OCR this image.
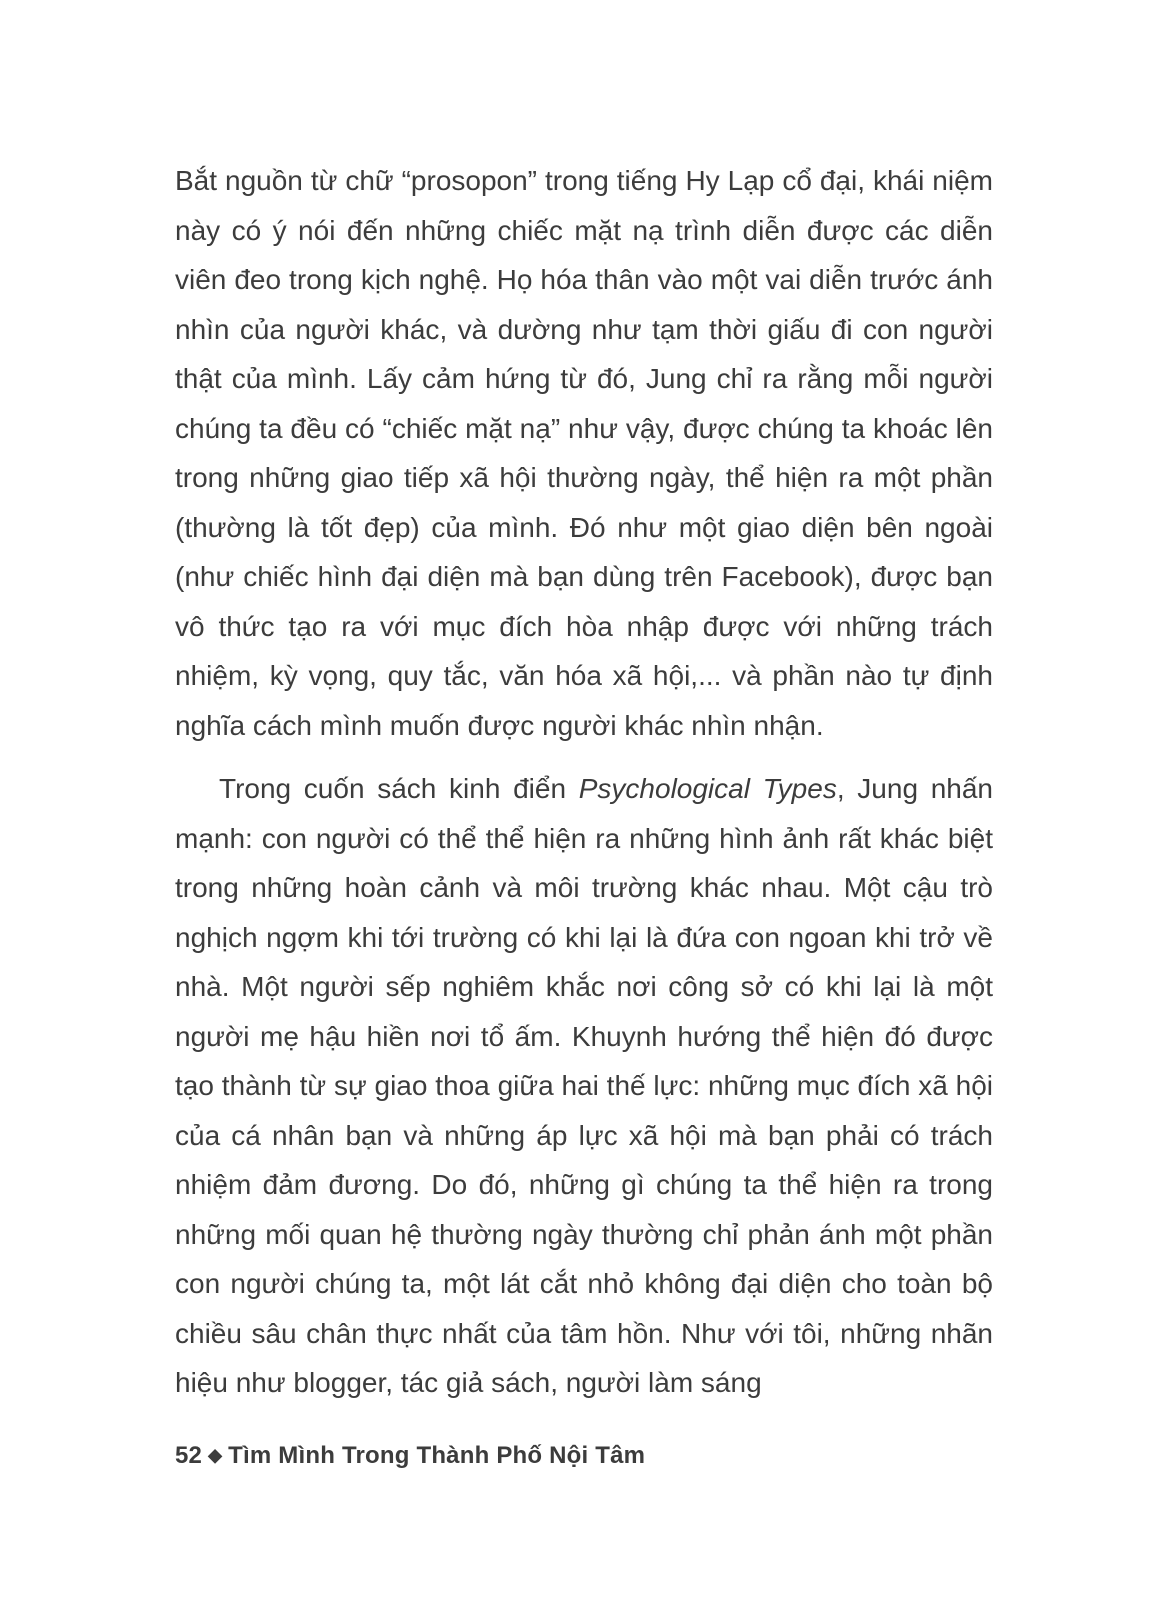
Bắt nguồn từ chữ “prosopon” trong tiếng Hy Lạp cổ đại, khái niệm này có ý nói đến những chiếc mặt nạ trình diễn được các diễn viên đeo trong kịch nghệ. Họ hóa thân vào một vai diễn trước ánh nhìn của người khác, và dường như tạm thời giấu đi con người thật của mình. Lấy cảm hứng từ đó, Jung chỉ ra rằng mỗi người chúng ta đều có “chiếc mặt nạ” như vậy, được chúng ta khoác lên trong những giao tiếp xã hội thường ngày, thể hiện ra một phần (thường là tốt đẹp) của mình. Đó như một giao diện bên ngoài (như chiếc hình đại diện mà bạn dùng trên Facebook), được bạn vô thức tạo ra với mục đích hòa nhập được với những trách nhiệm, kỳ vọng, quy tắc, văn hóa xã hội,... và phần nào tự định nghĩa cách mình muốn được người khác nhìn nhận.

Trong cuốn sách kinh điển Psychological Types, Jung nhấn mạnh: con người có thể thể hiện ra những hình ảnh rất khác biệt trong những hoàn cảnh và môi trường khác nhau. Một cậu trò nghịch ngợm khi tới trường có khi lại là đứa con ngoan khi trở về nhà. Một người sếp nghiêm khắc nơi công sở có khi lại là một người mẹ hậu hiền nơi tổ ấm. Khuynh hướng thể hiện đó được tạo thành từ sự giao thoa giữa hai thế lực: những mục đích xã hội của cá nhân bạn và những áp lực xã hội mà bạn phải có trách nhiệm đảm đương. Do đó, những gì chúng ta thể hiện ra trong những mối quan hệ thường ngày thường chỉ phản ánh một phần con người chúng ta, một lát cắt nhỏ không đại diện cho toàn bộ chiều sâu chân thực nhất của tâm hồn. Như với tôi, những nhãn hiệu như blogger, tác giả sách, người làm sáng

52 ◆ Tìm Mình Trong Thành Phố Nội Tâm
